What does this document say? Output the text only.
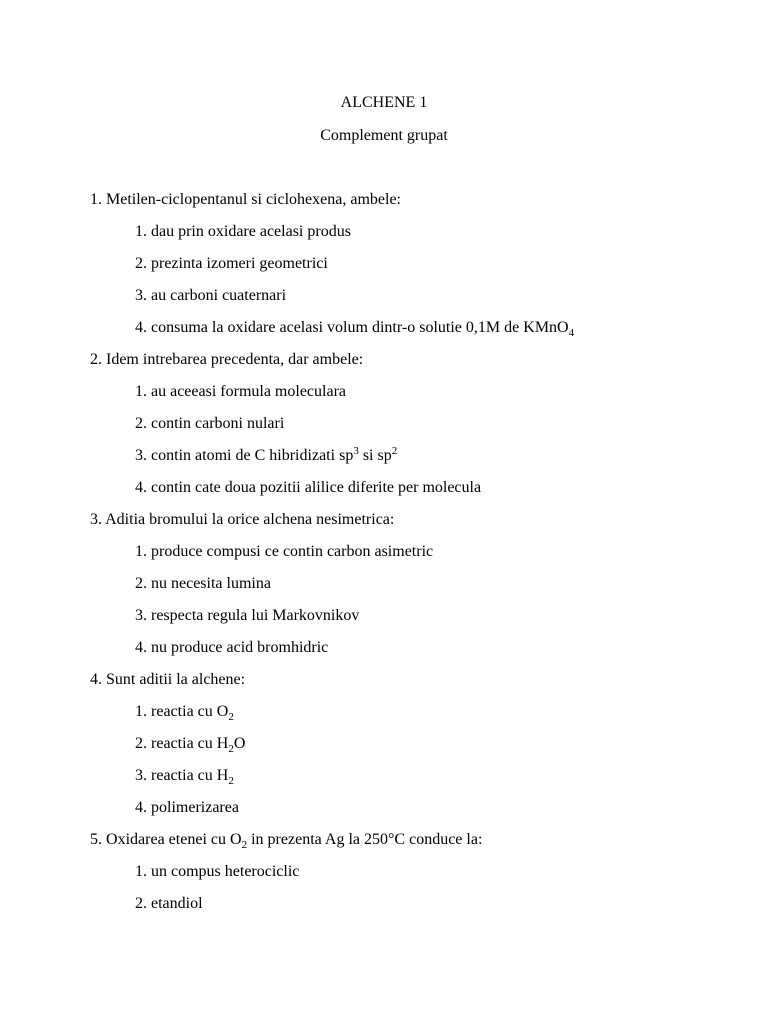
ALCHENE 1
Complement grupat
1. Metilen-ciclopentanul si ciclohexena, ambele:
1. dau prin oxidare acelasi produs
2. prezinta izomeri geometrici
3. au carboni cuaternari
4. consuma la oxidare acelasi volum dintr-o solutie 0,1M de KMnO$_4$
2. Idem intrebarea precedenta, dar ambele:
1. au aceeasi formula moleculara
2. contin carboni nulari
3. contin atomi de C hibridizati $sp^3$ si $sp^2$
4. contin cate doua pozitii alilice diferite per molecula
3. Aditia bromului la orice alchena nesimetrica:
1. produce compusi ce contin carbon asimetric
2. nu necesita lumina
3. respecta regula lui Markovnikov
4. nu produce acid bromhidric
4. Sunt aditii la alchene:
1. reactia cu $O_2$
2. reactia cu $H_2O$
3. reactia cu $H_2$
4. polimerizarea
5. Oxidarea etenei cu $O_2$ in prezenta Ag la 250°C conduce la:
1. un compus heterociclic
2. etandiol
